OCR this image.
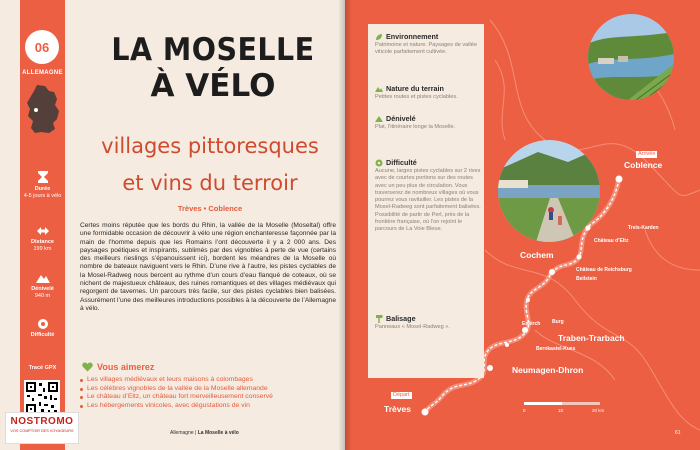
06
ALLEMAGNE
Durée
4-5 jours à vélo
Distance
199 km
Dénivelé
940 m
Difficulté
Tracé GPX
NOSTROMO
VOS COMPTOIR DES VOYAGEURS
LA MOSELLE
À VÉLO
villages pittoresques
et vins du terroir
Trèves • Coblence

Certes moins réputée que les bords du Rhin, la vallée de la Moselle (Moseltal) offre une formidable occasion de découvrir à vélo une région enchanteresse façonnée par la main de l’homme depuis que les Romains l’ont découverte il y a 2 000 ans. Des paysages poétiques et inspirants, sublimés par des vignobles à perte de vue (certains des meilleurs rieslings s’épanouissent ici), bordent les méandres de la Moselle où nombre de bateaux naviguent vers le Rhin. D’une rive à l’autre, les pistes cyclables de la Mosel-Radweg nous bercent au rythme d’un cours d’eau flanqué de coteaux, où se nichent de majestueux châteaux, des ruines romantiques et des villages médiévaux qui regorgent de tavernes. Un parcours très facile, sur des pistes cyclables bien balisées. Assurément l’une des meilleures introductions possibles à la découverte de l’Allemagne à vélo.

Vous aimerez
Les villages médiévaux et leurs maisons à colombages
Les célèbres vignobles de la vallée de la Moselle allemande
Le château d’Eltz, un château fort merveilleusement conservé
Les hébergements vinicoles, avec dégustations de vin
Allemagne | La Moselle à vélo
Environnement
Patrimoine et nature. Paysages de vallée viticole parfaitement cultivée.
Nature du terrain
Petites routes et pistes cyclables.
Dénivelé
Plat, l’itinéraire longe la Moselle.
Difficulté
Aucune, larges pistes cyclables sur 2 rives avec de courtes portions sur des routes avec un peu plus de circulation. Vous traverserez de nombreux villages où vous pourrez vous ravitailler. Les pistes de la Mosel-Radweg sont parfaitement balisées. Possibilité de partir de Perl, près de la frontière française, où l’on rejoint le parcours de La Voie Bleue.
Balisage
Panneaux « Mosel-Radweg ».
Arrivée
Coblence
Cochem
Traben-Trarbach
Neumagen-Dhron
Départ
Trèves
Château d’Eltz
Treis-Karden
Château de Reichsburg
Beilstein
Enkirch Burg
Bernkastel-Kues
0	10	20 km
61
